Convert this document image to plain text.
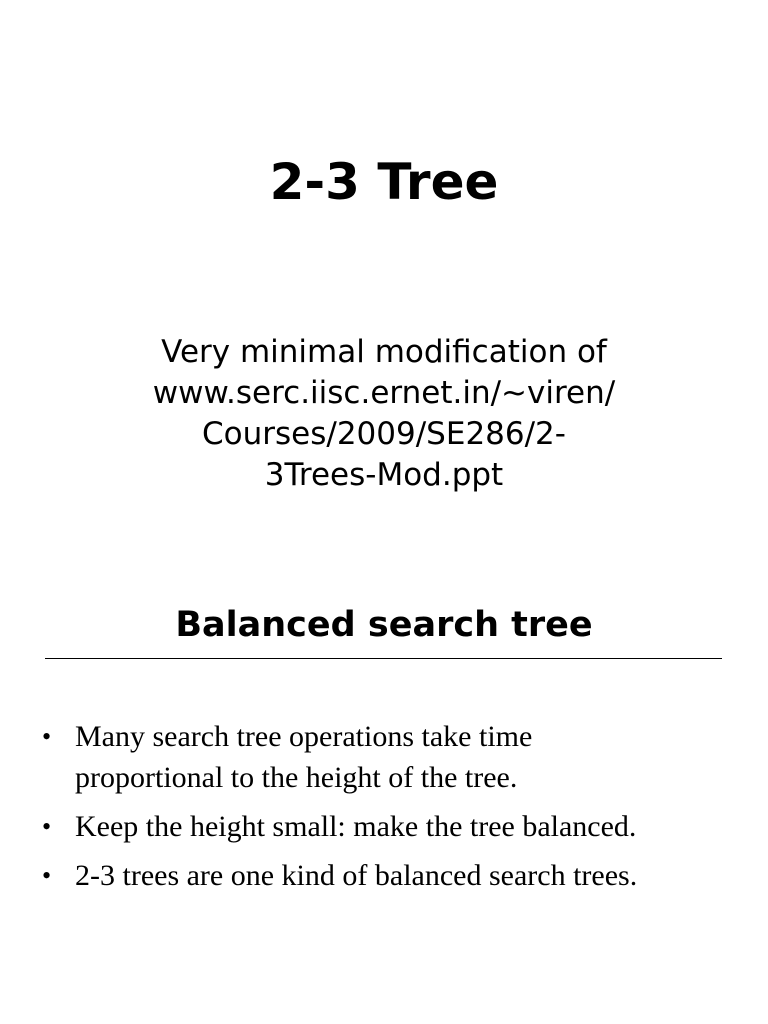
2-3 Tree
Very minimal modification of
www.serc.iisc.ernet.in/~viren/
Courses/2009/SE286/2-
3Trees-Mod.ppt
Balanced search tree
• Many search tree operations take time
proportional to the height of the tree.
• Keep the height small: make the tree balanced.
• 2-3 trees are one kind of balanced search trees.
